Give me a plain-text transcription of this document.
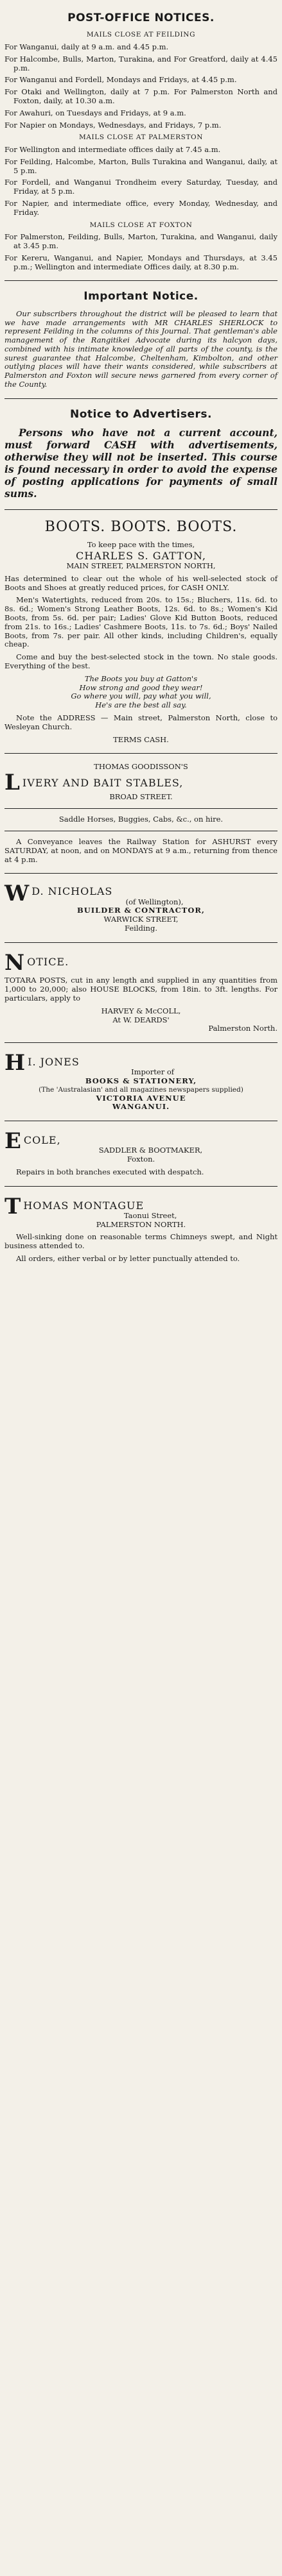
POST-OFFICE NOTICES.
MAILS CLOSE AT FEILDING
For Wanganui, daily at 9 a.m. and 4.45 p.m.
For Halcombe, Bulls, Marton, Turakina, and For Greatford, daily at 4.45 p.m.
For Wanganui and Fordell, Mondays and Fridays, at 4.45 p.m.
For Otaki and Wellington, daily at 7 p.m. For Palmerston North and Foxton, daily, at 10.30 a.m.
For Awahuri, on Tuesdays and Fridays, at 9 a.m.
For Napier on Mondays, Wednesdays, and Fridays, 7 p.m.
MAILS CLOSE AT PALMERSTON
For Wellington and intermediate offices daily at 7.45 a.m.
For Feilding, Halcombe, Marton, Bulls Turakina and Wanganui, daily, at 5 p.m.
For Fordell, and Wanganui Trondheim every Saturday, Tuesday, and Friday, at 5 p.m.
For Napier, and intermediate office, every Monday, Wednesday, and Friday.
MAILS CLOSE AT FOXTON
For Palmerston, Feilding, Bulls, Marton, Turakina, and Wanganui, daily at 3.45 p.m.
For Kereru, Wanganui, and Napier, Mondays and Thursdays, at 3.45 p.m.; Wellington and intermediate Offices daily, at 8.30 p.m.
Important Notice.

Our subscribers throughout the district will be pleased to learn that we have made arrangements with MR CHARLES SHERLOCK to represent Feilding in the columns of this Journal. That gentleman's able management of the Rangitikei Advocate during its halcyon days, combined with his intimate knowledge of all parts of the county, is the surest guarantee that Halcombe, Cheltenham, Kimbolton, and other outlying places will have their wants considered, while subscribers at Palmerston and Foxton will secure news garnered from every corner of the County.

Notice to Advertisers.

Persons who have not a current account, must forward CASH with advertisements, otherwise they will not be inserted. This course is found necessary in order to avoid the expense of posting applications for payments of small sums.

BOOTS. BOOTS. BOOTS.
To keep pace with the times,
CHARLES S. GATTON,
MAIN STREET, PALMERSTON NORTH,

Has determined to clear out the whole of his well-selected stock of Boots and Shoes at greatly reduced prices, for CASH ONLY.

Men's Watertights, reduced from 20s. to 15s.; Bluchers, 11s. 6d. to 8s. 6d.; Women's Strong Leather Boots, 12s. 6d. to 8s.; Women's Kid Boots, from 5s. 6d. per pair; Ladies' Glove Kid Button Boots, reduced from 21s. to 16s.; Ladies' Cashmere Boots, 11s. to 7s. 6d.; Boys' Nailed Boots, from 7s. per pair. All other kinds, including Children's, equally cheap.

Come and buy the best-selected stock in the town. No stale goods. Everything of the best.

The Boots you buy at Gatton's
How strong and good they wear!
Go where you will, pay what you will,
He's are the best all say.

Note the ADDRESS — Main street, Palmerston North, close to Wesleyan Church.

TERMS CASH.
THOMAS GOODISSON'S
L IVERY AND BAIT STABLES,
BROAD STREET.
Saddle Horses, Buggies, Cabs, &c., on hire.

A Conveyance leaves the Railway Station for ASHURST every SATURDAY, at noon, and on MONDAYS at 9 a.m., returning from thence at 4 p.m.

W D. NICHOLAS
(of Wellington),
BUILDER & CONTRACTOR,
WARWICK STREET,
Feilding.
N OTICE.

TOTARA POSTS, cut in any length and supplied in any quantities from 1,000 to 20,000; also HOUSE BLOCKS, from 18in. to 3ft. lengths. For particulars, apply to

HARVEY & McCOLL,
At W. DEARDS'
Palmerston North.
H I. JONES
Importer of
BOOKS & STATIONERY,
(The 'Australasian' and all magazines newspapers supplied)
VICTORIA AVENUE
WANGANUI.
E COLE,
SADDLER & BOOTMAKER,
Foxton.

Repairs in both branches executed with despatch.

T HOMAS MONTAGUE
Taonui Street,
PALMERSTON NORTH.

Well-sinking done on reasonable terms Chimneys swept, and Night business attended to.

All orders, either verbal or by letter punctually attended to.
